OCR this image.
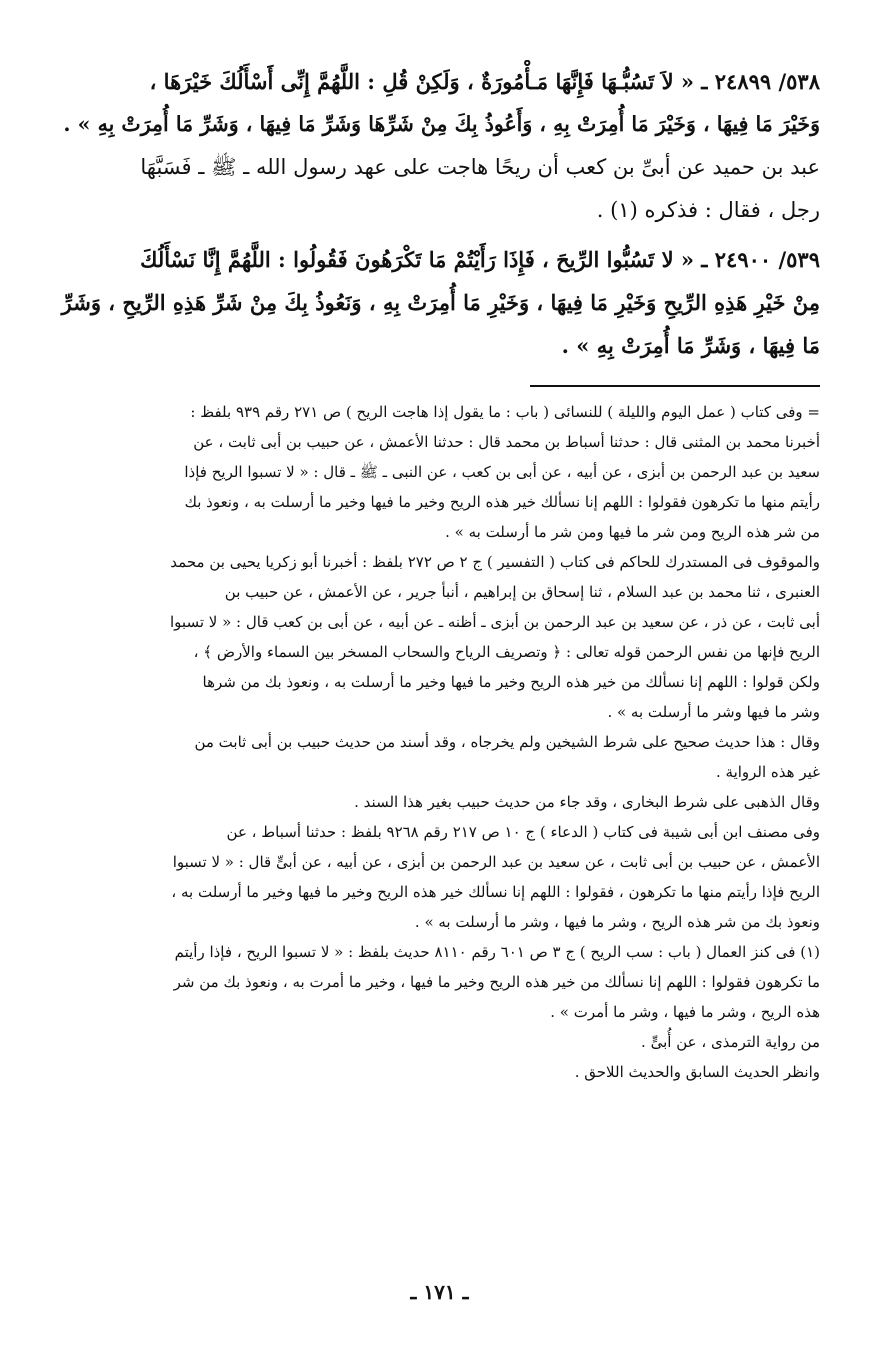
٥٣٨/ ٢٤٨٩٩ ـ « لاَ تَسُبُّـهَا فَإِنَّهَا مَـأْمُورَةٌ ، وَلَكِنْ قُلِ : اللَّهُمَّ إِنِّى أَسْأَلُكَ خَيْرَهَا ،
وَخَيْرَ مَا فِيهَا ، وَخَيْرَ مَا أُمِرَتْ بِهِ ، وَأَعُوذُ بِكَ مِنْ شَرِّهَا وَشَرِّ مَا فِيهَا ، وَشَرِّ مَا أُمِرَتْ بِهِ » .
عبد بن حميد عن أبىِّ بن كعب أن ريحًا هاجت على عهد رسول الله ـ ﷺ ـ فَسَبَّهَا
رجل ، فقال : فذكره (١) .
٥٣٩/ ٢٤٩٠٠ ـ « لا تَسُبُّوا الرِّيحَ ، فَإِذَا رَأَيْتُمْ مَا تَكْرَهُونَ فَقُولُوا : اللَّهُمَّ إِنَّا نَسْأَلُكَ
مِنْ خَيْرِ هَذِهِ الرِّيحِ وَخَيْرِ مَا فِيهَا ، وَخَيْرِ مَا أُمِرَتْ بِهِ ، وَنَعُوذُ بِكَ مِنْ شَرِّ هَذِهِ الرِّيحِ ، وَشَرِّ
مَا فِيهَا ، وَشَرِّ مَا أُمِرَتْ بِهِ » .
= وفى كتاب ( عمل اليوم والليلة ) للنسائى ( باب : ما يقول إذا هاجت الريح ) ص ٢٧١ رقم ٩٣٩ بلفظ :
أخبرنا محمد بن المثنى قال : حدثنا أسباط بن محمد قال : حدثنا الأعمش ، عن حبيب بن أبى ثابت ، عن
سعيد بن عبد الرحمن بن أبزى ، عن أبيه ، عن أبى بن كعب ، عن النبى ـ ﷺ ـ قال : « لا تسبوا الريح فإذا
رأيتم منها ما تكرهون فقولوا : اللهم إنا نسألك خير هذه الريح وخير ما فيها وخير ما أرسلت به ، ونعوذ بك
من شر هذه الريح ومن شر ما فيها ومن شر ما أرسلت به » .
والموقوف فى المستدرك للحاكم فى كتاب ( التفسير ) ج ٢ ص ٢٧٢ بلفظ : أخبرنا أبو زكريا يحيى بن محمد
العنبرى ، ثنا محمد بن عبد السلام ، ثنا إسحاق بن إبراهيم ، أنبأ جرير ، عن الأعمش ، عن حبيب بن
أبى ثابت ، عن ذر ، عن سعيد بن عبد الرحمن بن أبزى ـ أظنه ـ عن أبيه ، عن أبى بن كعب قال : « لا تسبوا
الريح فإنها من نفس الرحمن قوله تعالى : ﴿ وتصريف الرياح والسحاب المسخر بين السماء والأرض ﴾ ،
ولكن قولوا : اللهم إنا نسألك من خير هذه الريح وخير ما فيها وخير ما أرسلت به ، ونعوذ بك من شرها
وشر ما فيها وشر ما أرسلت به » .
وقال : هذا حديث صحيح على شرط الشيخين ولم يخرجاه ، وقد أسند من حديث حبيب بن أبى ثابت من
غير هذه الرواية .
وقال الذهبى على شرط البخارى ، وقد جاء من حديث حبيب بغير هذا السند .
وفى مصنف ابن أبى شيبة فى كتاب ( الدعاء ) ج ١٠ ص ٢١٧ رقم ٩٢٦٨ بلفظ : حدثنا أسباط ، عن
الأعمش ، عن حبيب بن أبى ثابت ، عن سعيد بن عبد الرحمن بن أبزى ، عن أبيه ، عن أبىٍّ قال : « لا تسبوا
الريح فإذا رأيتم منها ما تكرهون ، فقولوا : اللهم إنا نسألك خير هذه الريح وخير ما فيها وخير ما أرسلت به ،
ونعوذ بك من شر هذه الريح ، وشر ما فيها ، وشر ما أرسلت به » .
(١) فى كنز العمال ( باب : سب الريح ) ج ٣ ص ٦٠١ رقم ٨١١٠ حديث بلفظ : « لا تسبوا الريح ، فإذا رأيتم
ما تكرهون فقولوا : اللهم إنا نسألك من خير هذه الريح وخير ما فيها ، وخير ما أمرت به ، ونعوذ بك من شر
هذه الريح ، وشر ما فيها ، وشر ما أمرت » .
من رواية الترمذى ، عن أُبىٍّ .
وانظر الحديث السابق والحديث اللاحق .
ـ ١٧١ ـ
